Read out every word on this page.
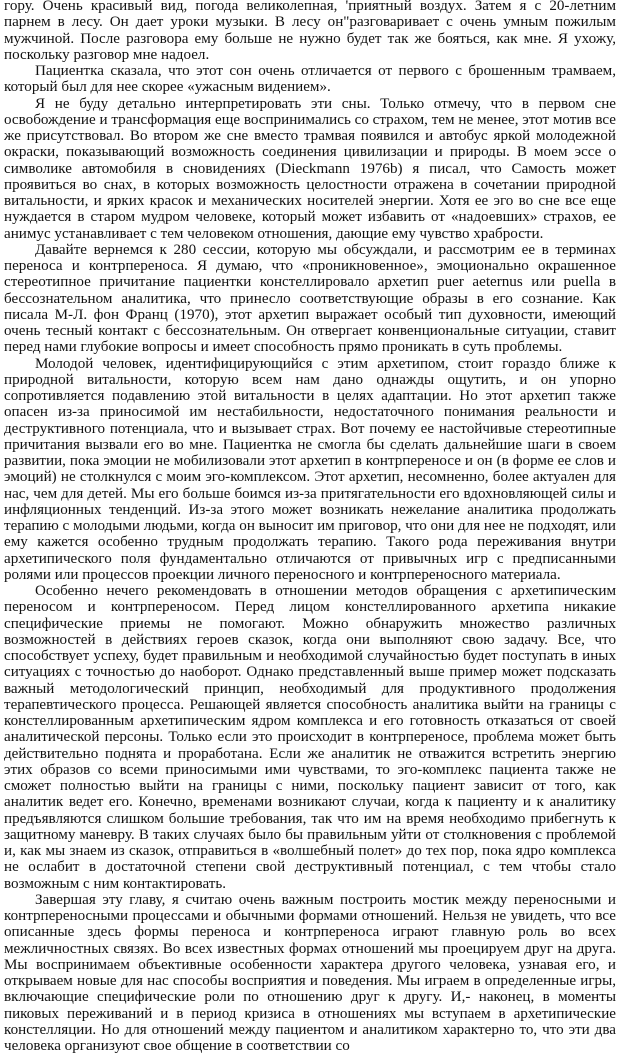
гору. Очень красивый вид, погода великолепная, 'приятный воздух. Затем я с 20-летним парнем в лесу. Он дает уроки музыки. В лесу он"разговаривает с очень умным пожилым мужчиной. После разговора ему больше не нужно будет так же бояться, как мне. Я ухожу, поскольку разговор мне надоел.

Пациентка сказала, что этот сон очень отличается от первого с брошенным трамваем, который был для нее скорее «ужасным видением».

Я не буду детально интерпретировать эти сны. Только отмечу, что в первом сне освобождение и трансформация еще воспринимались со страхом, тем не менее, этот мотив все же присутствовал. Во втором же сне вместо трамвая появился и автобус яркой молодежной окраски, показывающий возможность соединения цивилизации и природы. В моем эссе о символике автомобиля в сновидениях (Dieckmann 1976b) я писал, что Самость может проявиться во снах, в которых возможность целостности отражена в сочетании природной витальности, и ярких красок и механических носителей энергии. Хотя ее эго во сне все еще нуждается в старом мудром человеке, который может избавить от «надоевших» страхов, ее анимус устанавливает с тем человеком отношения, дающие ему чувство храбрости.

Давайте вернемся к 280 сессии, которую мы обсуждали, и рассмотрим ее в терминах переноса и контрпереноса. Я думаю, что «проникновенное», эмоционально окрашенное стереотипное причитание пациентки констеллировало архетип puer aeternus или puella в бессознательном аналитика, что принесло соответствующие образы в его сознание. Как писала М-Л. фон Франц (1970), этот архетип выражает особый тип духовности, имеющий очень тесный контакт с бессознательным. Он отвергает конвенциональные ситуации, ставит перед нами глубокие вопросы и имеет способность прямо проникать в суть проблемы.

Молодой человек, идентифицирующийся с этим архетипом, стоит гораздо ближе к природной витальности, которую всем нам дано однажды ощутить, и он упорно сопротивляется подавлению этой витальности в целях адаптации. Но этот архетип также опасен из-за приносимой им нестабильности, недостаточного понимания реальности и деструктивного потенциала, что и вызывает страх. Вот почему ее настойчивые стереотипные причитания вызвали его во мне. Пациентка не смогла бы сделать дальнейшие шаги в своем развитии, пока эмоции не мобилизовали этот архетип в контрпереносе и он (в форме ее слов и эмоций) не столкнулся с моим эго-комплексом. Этот архетип, несомненно, более актуален для нас, чем для детей. Мы его больше боимся из-за притягательности его вдохновляющей силы и инфляционных тенденций. Из-за этого может возникать нежелание аналитика продолжать терапию с молодыми людьми, когда он выносит им приговор, что они для нее не подходят, или ему кажется особенно трудным продолжать терапию. Такого рода переживания внутри архетипического поля фундаментально отличаются от привычных игр с предписанными ролями или процессов проекции личного переносного и контрпереносного материала.

Особенно нечего рекомендовать в отношении методов обращения с архетипическим переносом и контрпереносом. Перед лицом констеллированного архетипа никакие специфические приемы не помогают. Можно обнаружить множество различных возможностей в действиях героев сказок, когда они выполняют свою задачу. Все, что способствует успеху, будет правильным и необходимой случайностью будет поступать в иных ситуациях с точностью до наоборот. Однако представленный выше пример может подсказать важный методологический принцип, необходимый для продуктивного продолжения терапевтического процесса. Решающей является способность аналитика выйти на границы с констеллированным архетипическим ядром комплекса и его готовность отказаться от своей аналитической персоны. Только если это происходит в контрпереносе, проблема может быть действительно поднята и проработана. Если же аналитик не отважится встретить энергию этих образов со всеми приносимыми ими чувствами, то эго-комплекс пациента также не сможет полностью выйти на границы с ними, поскольку пациент зависит от того, как аналитик ведет его. Конечно, временами возникают случаи, когда к пациенту и к аналитику предъявляются слишком большие требования, так что им на время необходимо прибегнуть к защитному маневру. В таких случаях было бы правильным уйти от столкновения с проблемой и, как мы знаем из сказок, отправиться в «волшебный полет» до тех пор, пока ядро комплекса не ослабит в достаточной степени свой деструктивный потенциал, с тем чтобы стало возможным с ним контактировать.

Завершая эту главу, я считаю очень важным построить мостик между переносными и контрпереносными процессами и обычными формами отношений. Нельзя не увидеть, что все описанные здесь формы переноса и контрпереноса играют главную роль во всех межличностных связях. Во всех известных формах отношений мы проецируем друг на друга. Мы воспринимаем объективные особенности характера другого человека, узнавая его, и открываем новые для нас способы восприятия и поведения. Мы играем в определенные игры, включающие специфические роли по отношению друг к другу. И,- наконец, в моменты пиковых переживаний и в период кризиса в отношениях мы вступаем в архетипические констелляции. Но для отношений между пациентом и аналитиком характерно то, что эти два человека организуют свое общение в соответствии со
